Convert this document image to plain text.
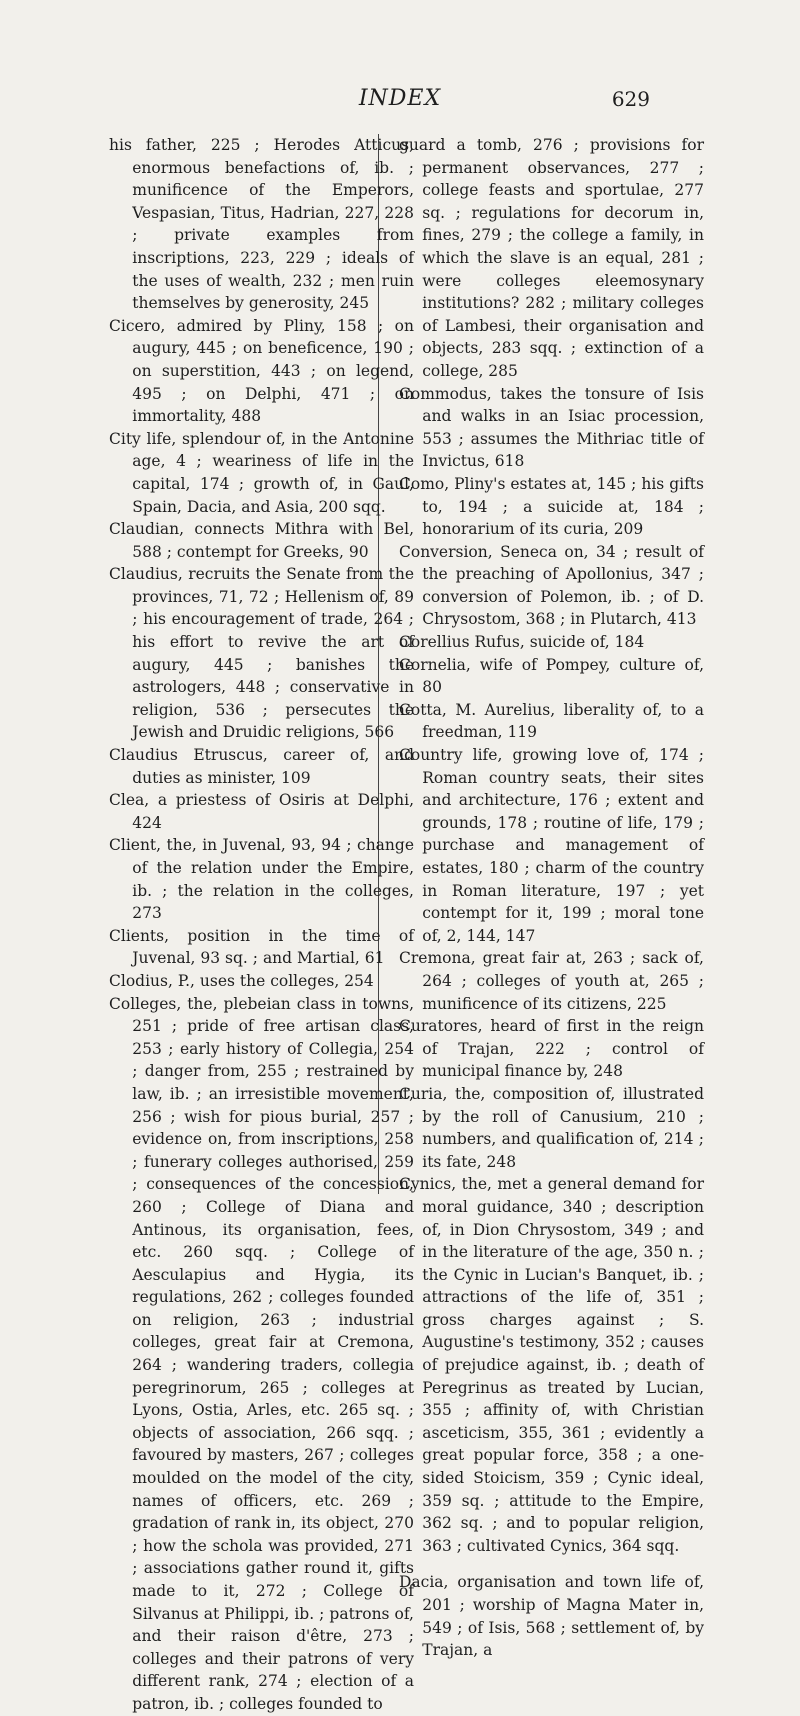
INDEX	629

his father, 225 ; Herodes Atticus, enormous benefactions of, ib. ; munificence of the Emperors, Vespasian, Titus, Hadrian, 227, 228 ; private examples from inscriptions, 223, 229 ; ideals of the uses of wealth, 232 ; men ruin themselves by generosity, 245

Cicero, admired by Pliny, 158 ; on augury, 445 ; on beneficence, 190 ; on superstition, 443 ; on legend, 495 ; on Delphi, 471 ; on immortality, 488

City life, splendour of, in the Antonine age, 4 ; weariness of life in the capital, 174 ; growth of, in Gaul, Spain, Dacia, and Asia, 200 sqq.

Claudian, connects Mithra with Bel, 588 ; contempt for Greeks, 90

Claudius, recruits the Senate from the provinces, 71, 72 ; Hellenism of, 89 ; his encouragement of trade, 264 ; his effort to revive the art of augury, 445 ; banishes the astrologers, 448 ; conservative in religion, 536 ; persecutes the Jewish and Druidic religions, 566

Claudius Etruscus, career of, and duties as minister, 109

Clea, a priestess of Osiris at Delphi, 424

Client, the, in Juvenal, 93, 94 ; change of the relation under the Empire, ib. ; the relation in the colleges, 273

Clients, position in the time of Juvenal, 93 sq. ; and Martial, 61

Clodius, P., uses the colleges, 254

Colleges, the, plebeian class in towns, 251 ; pride of free artisan class, 253 ; early history of Collegia, 254 ; danger from, 255 ; restrained by law, ib. ; an irresistible movement, 256 ; wish for pious burial, 257 ; evidence on, from inscriptions, 258 ; funerary colleges authorised, 259 ; consequences of the concession, 260 ; College of Diana and Antinous, its organisation, fees, etc. 260 sqq. ; College of Aesculapius and Hygia, its regulations, 262 ; colleges founded on religion, 263 ; industrial colleges, great fair at Cremona, 264 ; wandering traders, collegia peregrinorum, 265 ; colleges at Lyons, Ostia, Arles, etc. 265 sq. ; objects of association, 266 sqq. ; favoured by masters, 267 ; colleges moulded on the model of the city, names of officers, etc. 269 ; gradation of rank in, its object, 270 ; how the schola was provided, 271 ; associations gather round it, gifts made to it, 272 ; College of Silvanus at Philippi, ib. ; patrons of, and their raison d'être, 273 ; colleges and their patrons of very different rank, 274 ; election of a patron, ib. ; colleges founded to

guard a tomb, 276 ; provisions for permanent observances, 277 ; college feasts and sportulae, 277 sq. ; regulations for decorum in, fines, 279 ; the college a family, in which the slave is an equal, 281 ; were colleges eleemosynary institutions? 282 ; military colleges of Lambesi, their organisation and objects, 283 sqq. ; extinction of a college, 285

Commodus, takes the tonsure of Isis and walks in an Isiac procession, 553 ; assumes the Mithriac title of Invictus, 618

Como, Pliny's estates at, 145 ; his gifts to, 194 ; a suicide at, 184 ; honorarium of its curia, 209

Conversion, Seneca on, 34 ; result of the preaching of Apollonius, 347 ; conversion of Polemon, ib. ; of D. Chrysostom, 368 ; in Plutarch, 413

Corellius Rufus, suicide of, 184

Cornelia, wife of Pompey, culture of, 80

Cotta, M. Aurelius, liberality of, to a freedman, 119

Country life, growing love of, 174 ; Roman country seats, their sites and architecture, 176 ; extent and grounds, 178 ; routine of life, 179 ; purchase and management of estates, 180 ; charm of the country in Roman literature, 197 ; yet contempt for it, 199 ; moral tone of, 2, 144, 147

Cremona, great fair at, 263 ; sack of, 264 ; colleges of youth at, 265 ; munificence of its citizens, 225

Curatores, heard of first in the reign of Trajan, 222 ; control of municipal finance by, 248

Curia, the, composition of, illustrated by the roll of Canusium, 210 ; numbers, and qualification of, 214 ; its fate, 248

Cynics, the, met a general demand for moral guidance, 340 ; description of, in Dion Chrysostom, 349 ; and in the literature of the age, 350 n. ; the Cynic in Lucian's Banquet, ib. ; attractions of the life of, 351 ; gross charges against ; S. Augustine's testimony, 352 ; causes of prejudice against, ib. ; death of Peregrinus as treated by Lucian, 355 ; affinity of, with Christian asceticism, 355, 361 ; evidently a great popular force, 358 ; a one-sided Stoicism, 359 ; Cynic ideal, 359 sq. ; attitude to the Empire, 362 sq. ; and to popular religion, 363 ; cultivated Cynics, 364 sqq.

Dacia, organisation and town life of, 201 ; worship of Magna Mater in, 549 ; of Isis, 568 ; settlement of, by Trajan, a
